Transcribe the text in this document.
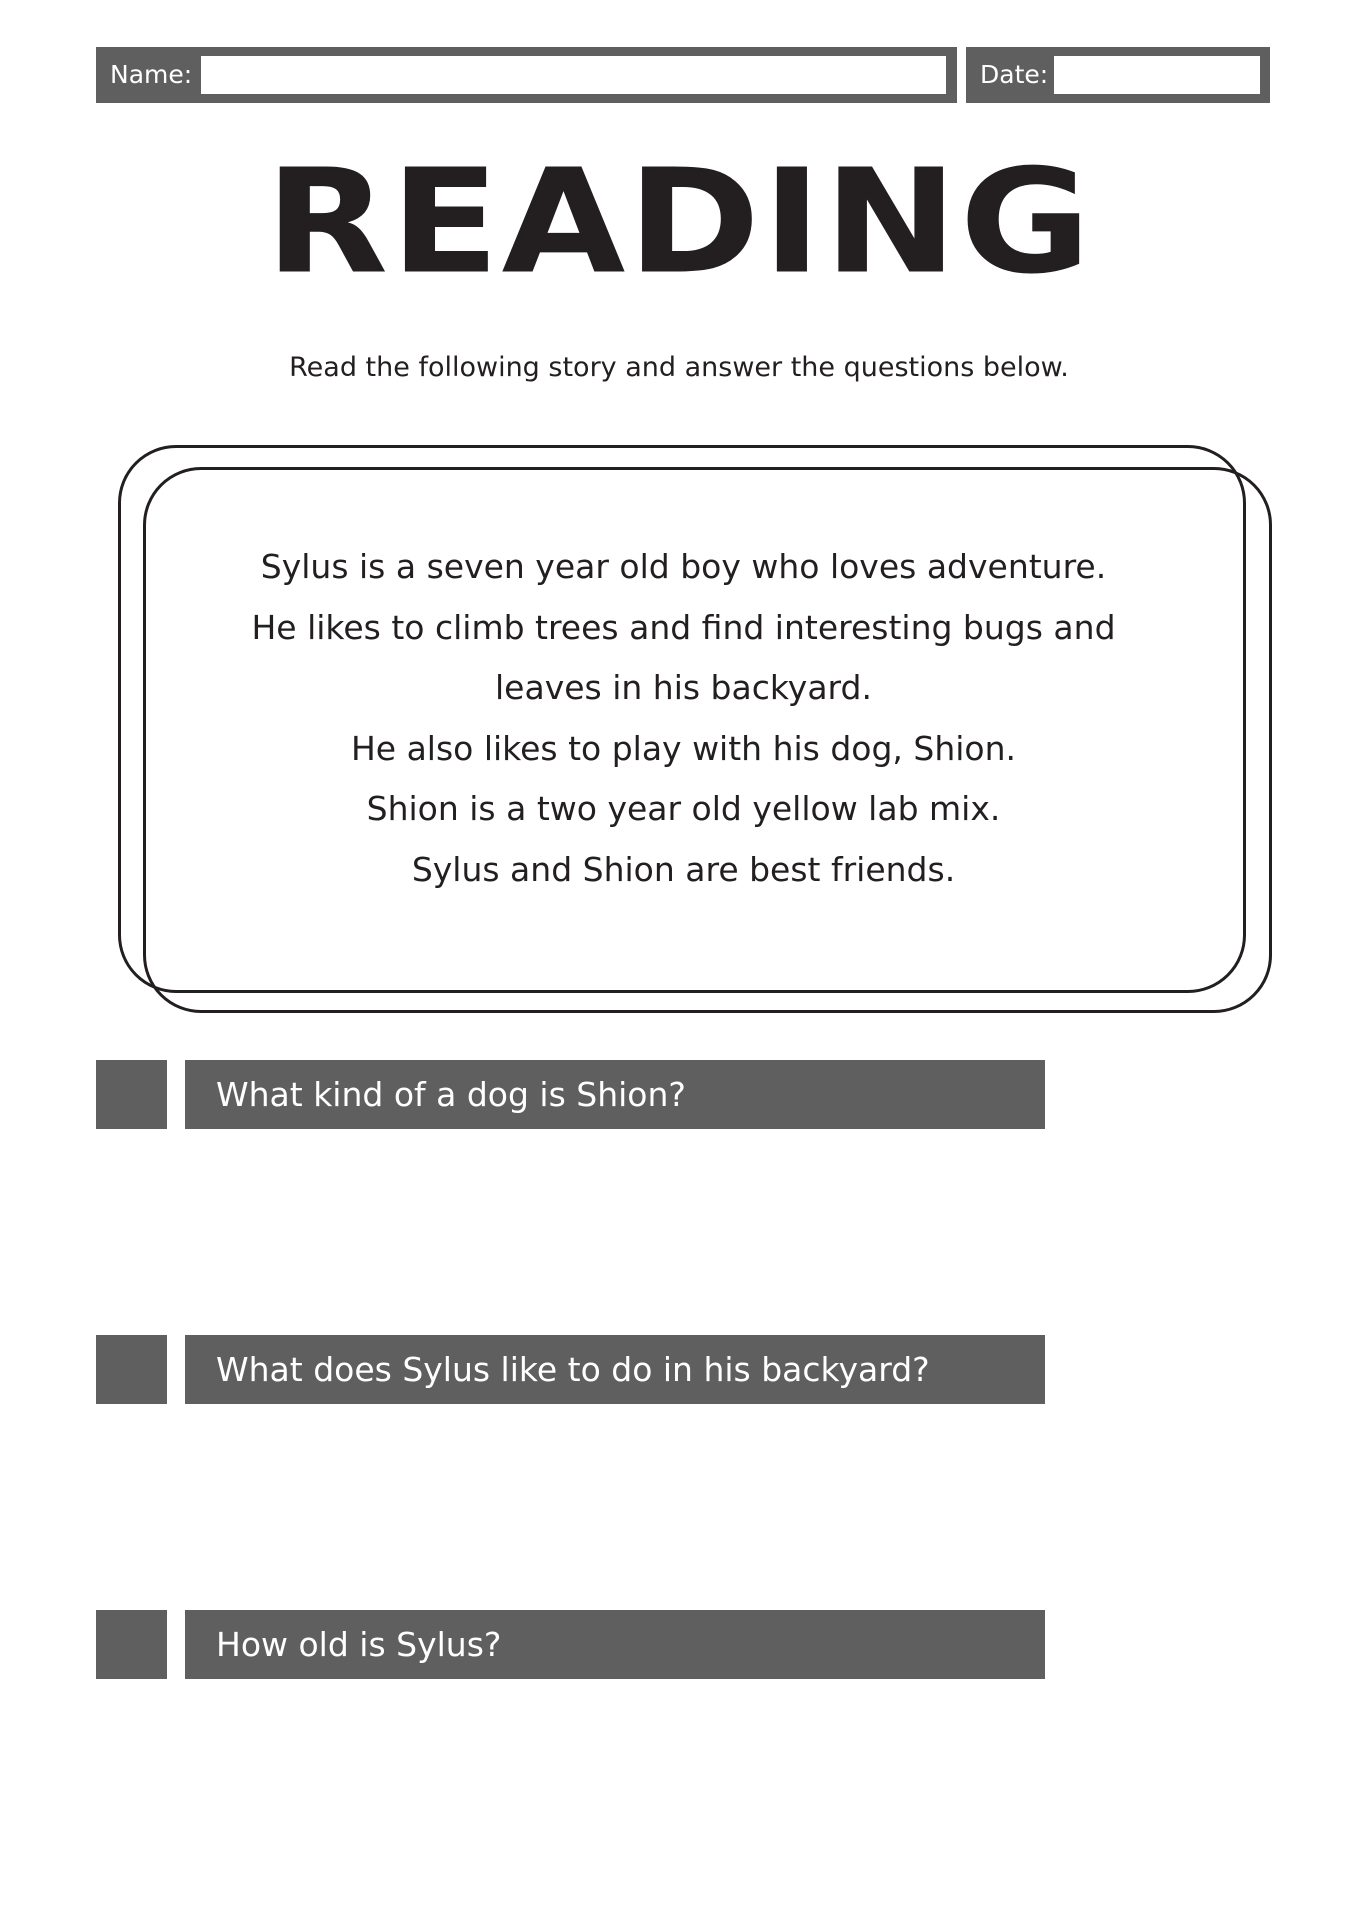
Name:	Date:
READING
Read the following story and answer the questions below.
Sylus is a seven year old boy who loves adventure.
He likes to climb trees and find interesting bugs and
leaves in his backyard.
He also likes to play with his dog, Shion.
Shion is a two year old yellow lab mix.
Sylus and Shion are best friends.
What kind of a dog is Shion?
What does Sylus like to do in his backyard?
How old is Sylus?
